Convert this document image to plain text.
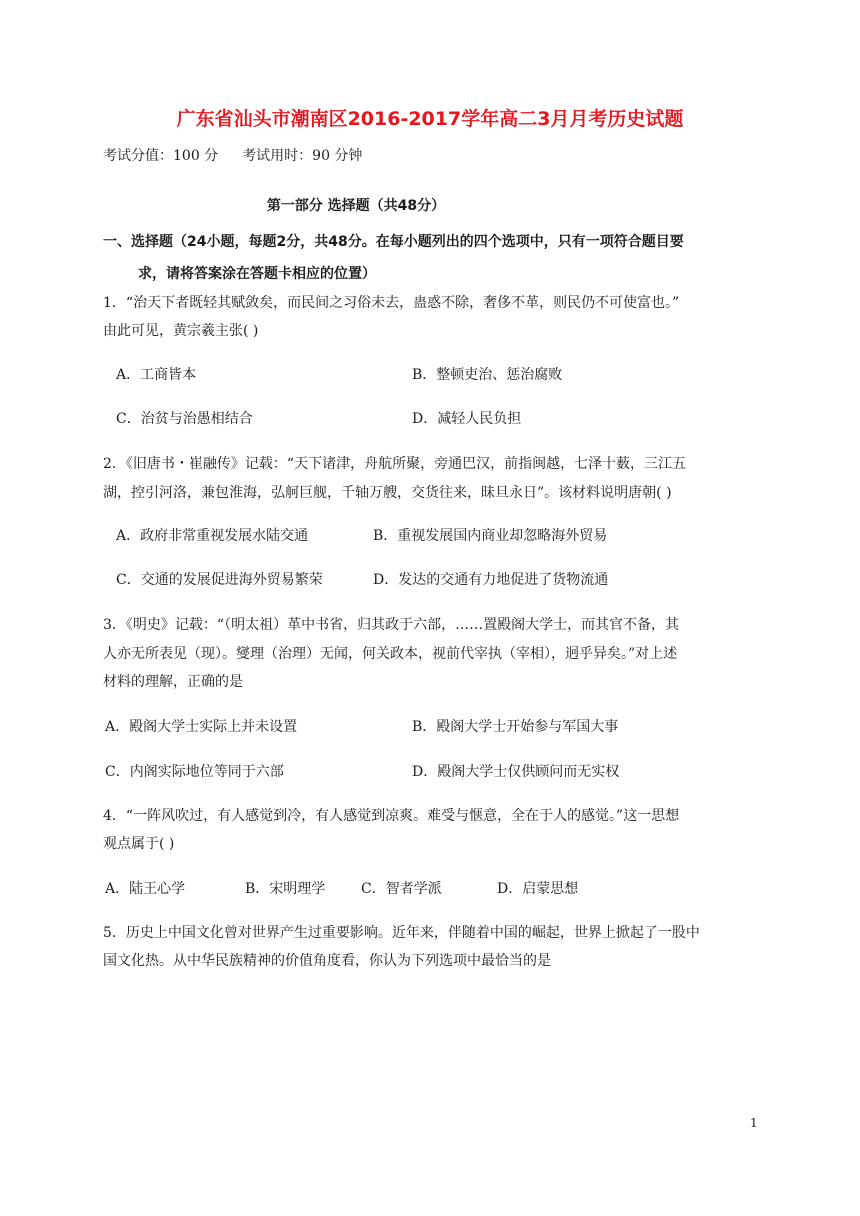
广东省汕头市潮南区2016-2017学年高二3月月考历史试题
考试分值：100 分 考试用时：90 分钟
第一部分 选择题（共48分）
一、选择题（24小题，每题2分，共48分。在每小题列出的四个选项中，只有一项符合题目要
求，请将答案涂在答题卡相应的位置）
1．“治天下者既轻其赋敛矣，而民间之习俗未去，蛊惑不除，奢侈不革，则民仍不可使富也。”
由此可见，黄宗羲主张( )
A．工商皆本	B．整顿吏治、惩治腐败
C．治贫与治愚相结合	D．减轻人民负担
2．《旧唐书・崔融传》记载：“天下诸津，舟航所聚，旁通巴汉，前指闽越，七泽十薮，三江五
湖，控引河洛，兼包淮海，弘舸巨舰，千轴万艘，交货往来，昧旦永日”。该材料说明唐朝( )
A．政府非常重视发展水陆交通	B．重视发展国内商业却忽略海外贸易
C．交通的发展促进海外贸易繁荣	D．发达的交通有力地促进了货物流通
3．《明史》记载：“（明太祖）革中书省，归其政于六部，……置殿阁大学士，而其官不备，其
人亦无所表见（现）。燮理（治理）无闻，何关政本，视前代宰执（宰相），迥乎异矣。”对上述
材料的理解，正确的是
A．殿阁大学士实际上并未设置	B．殿阁大学士开始参与军国大事
C．内阁实际地位等同于六部	D．殿阁大学士仅供顾问而无实权
4．“一阵风吹过，有人感觉到冷，有人感觉到凉爽。难受与惬意，全在于人的感觉。”这一思想
观点属于( )
A．陆王心学	B．宋明理学	C．智者学派	D．启蒙思想
5．历史上中国文化曾对世界产生过重要影响。近年来，伴随着中国的崛起，世界上掀起了一股中
国文化热。从中华民族精神的价值角度看，你认为下列选项中最恰当的是
1
